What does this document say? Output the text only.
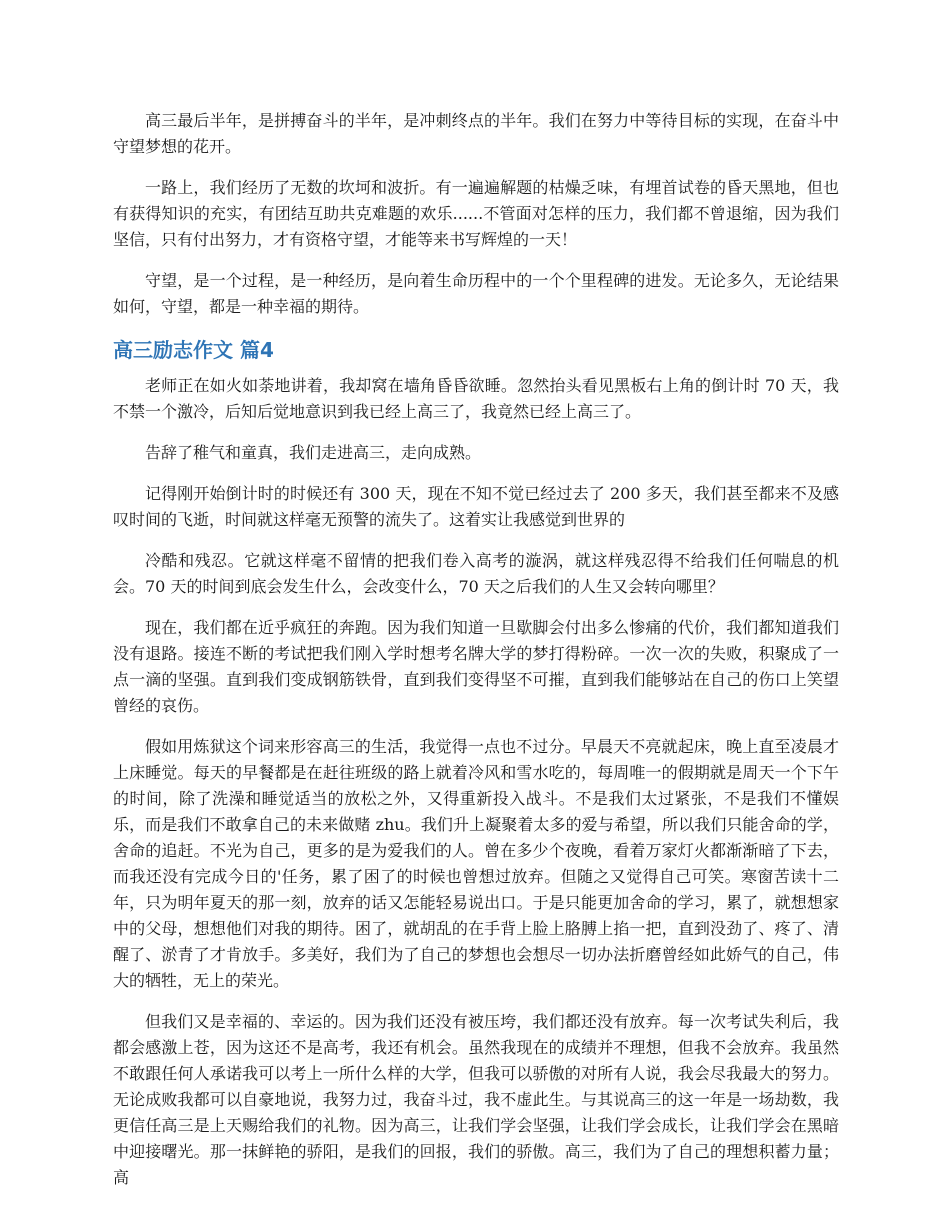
高三最后半年，是拼搏奋斗的半年，是冲刺终点的半年。我们在努力中等待目标的实现，在奋斗中守望梦想的花开。

一路上，我们经历了无数的坎坷和波折。有一遍遍解题的枯燥乏味，有埋首试卷的昏天黑地，但也有获得知识的充实，有团结互助共克难题的欢乐......不管面对怎样的压力，我们都不曾退缩，因为我们坚信，只有付出努力，才有资格守望，才能等来书写辉煌的一天！

守望，是一个过程，是一种经历，是向着生命历程中的一个个里程碑的进发。无论多久，无论结果如何，守望，都是一种幸福的期待。

高三励志作文 篇4

老师正在如火如荼地讲着，我却窝在墙角昏昏欲睡。忽然抬头看见黑板右上角的倒计时 70 天，我不禁一个激冷，后知后觉地意识到我已经上高三了，我竟然已经上高三了。

告辞了稚气和童真，我们走进高三，走向成熟。

记得刚开始倒计时的时候还有 300 天，现在不知不觉已经过去了 200 多天，我们甚至都来不及感叹时间的飞逝，时间就这样毫无预警的流失了。这着实让我感觉到世界的

冷酷和残忍。它就这样毫不留情的把我们卷入高考的漩涡，就这样残忍得不给我们任何喘息的机会。70 天的时间到底会发生什么，会改变什么，70 天之后我们的人生又会转向哪里？

现在，我们都在近乎疯狂的奔跑。因为我们知道一旦歇脚会付出多么惨痛的代价，我们都知道我们没有退路。接连不断的考试把我们刚入学时想考名牌大学的梦打得粉碎。一次一次的失败，积聚成了一点一滴的坚强。直到我们变成钢筋铁骨，直到我们变得坚不可摧，直到我们能够站在自己的伤口上笑望曾经的哀伤。

假如用炼狱这个词来形容高三的生活，我觉得一点也不过分。早晨天不亮就起床，晚上直至凌晨才上床睡觉。每天的早餐都是在赶往班级的路上就着冷风和雪水吃的，每周唯一的假期就是周天一个下午的时间，除了洗澡和睡觉适当的放松之外，又得重新投入战斗。不是我们太过紧张，不是我们不懂娱乐，而是我们不敢拿自己的未来做赌 zhu。我们升上凝聚着太多的爱与希望，所以我们只能舍命的学，舍命的追赶。不光为自己，更多的是为爱我们的人。曾在多少个夜晚，看着万家灯火都渐渐暗了下去，而我还没有完成今日的'任务，累了困了的时候也曾想过放弃。但随之又觉得自己可笑。寒窗苦读十二年，只为明年夏天的那一刻，放弃的话又怎能轻易说出口。于是只能更加舍命的学习，累了，就想想家中的父母，想想他们对我的期待。困了，就胡乱的在手背上脸上胳膊上掐一把，直到没劲了、疼了、清醒了、淤青了才肯放手。多美好，我们为了自己的梦想也会想尽一切办法折磨曾经如此娇气的自己，伟大的牺牲，无上的荣光。

但我们又是幸福的、幸运的。因为我们还没有被压垮，我们都还没有放弃。每一次考试失利后，我都会感激上苍，因为这还不是高考，我还有机会。虽然我现在的成绩并不理想，但我不会放弃。我虽然不敢跟任何人承诺我可以考上一所什么样的大学，但我可以骄傲的对所有人说，我会尽我最大的努力。无论成败我都可以自豪地说，我努力过，我奋斗过，我不虚此生。与其说高三的这一年是一场劫数，我更信任高三是上天赐给我们的礼物。因为高三，让我们学会坚强，让我们学会成长，让我们学会在黑暗中迎接曙光。那一抹鲜艳的骄阳，是我们的回报，我们的骄傲。高三，我们为了自己的理想积蓄力量；高
